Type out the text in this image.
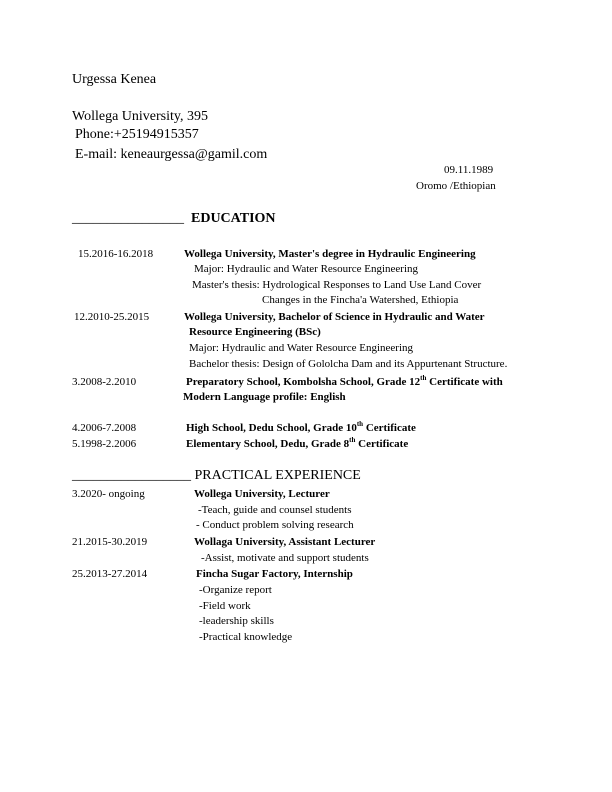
Urgessa Kenea
Wollega University, 395
Phone:+25194915357
E-mail: keneaurgessa@gamil.com
09.11.1989
Oromo /Ethiopian
________________ EDUCATION
15.2016-16.2018	Wollega University, Master's degree in Hydraulic Engineering
Major: Hydraulic and Water Resource Engineering
Master's thesis: Hydrological Responses to Land Use Land Cover
Changes in the Fincha'a Watershed, Ethiopia
12.2010-25.2015	Wollega University, Bachelor of Science in Hydraulic and Water
Resource Engineering (BSc)
Major: Hydraulic and Water Resource Engineering
Bachelor thesis: Design of Gololcha Dam and its Appurtenant Structure.
3.2008-2.2010	Preparatory School, Kombolsha School, Grade 12th Certificate with
Modern Language profile: English
4.2006-7.2008	High School, Dedu School, Grade 10th Certificate
5.1998-2.2006	Elementary School, Dedu, Grade 8th Certificate
_________________ PRACTICAL EXPERIENCE
3.2020- ongoing	Wollega University, Lecturer
-Teach, guide and counsel students
- Conduct problem solving research
21.2015-30.2019	Wollaga University, Assistant Lecturer
-Assist, motivate and support students
25.2013-27.2014	Fincha Sugar Factory, Internship
-Organize report
-Field work
-leadership skills
-Practical knowledge
